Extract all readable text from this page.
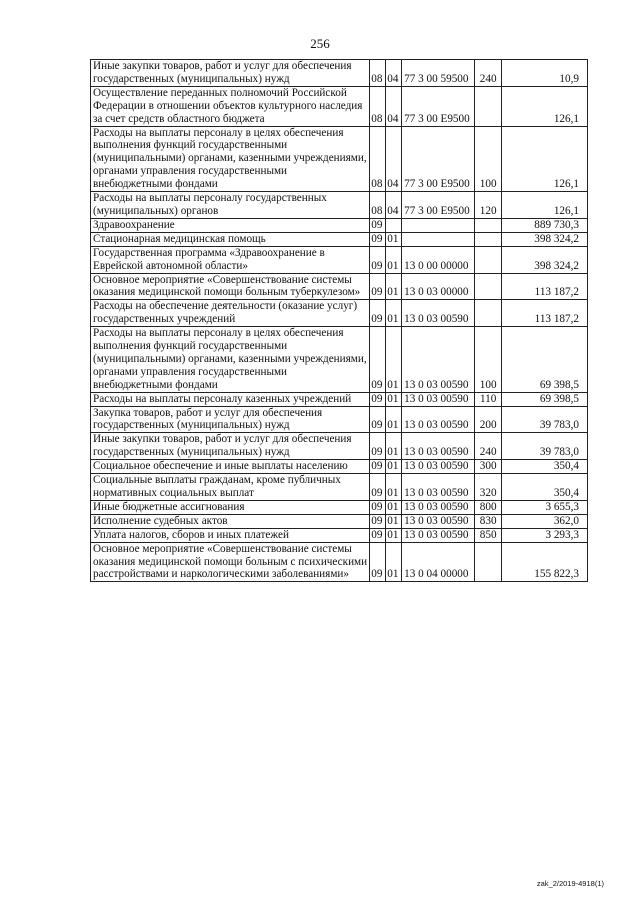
256
Иные закупки товаров, работ и услуг для обеспечения государственных (муниципальных) нужд	08	04	77 3 00 59500	240	10,9
Осуществление переданных полномочий Российской Федерации в отношении объектов культурного наследия за счет средств областного бюджета	08	04	77 3 00 E9500		126,1
Расходы на выплаты персоналу в целях обеспечения выполнения функций государственными (муниципальными) органами, казенными учреждениями, органами управления государственными внебюджетными фондами	08	04	77 3 00 E9500	100	126,1
Расходы на выплаты персоналу государственных (муниципальных) органов	08	04	77 3 00 E9500	120	126,1
Здравоохранение	09				889 730,3
Стационарная медицинская помощь	09	01			398 324,2
Государственная программа «Здравоохранение в Еврейской автономной области»	09	01	13 0 00 00000		398 324,2
Основное мероприятие «Совершенствование системы оказания медицинской помощи больным туберкулезом»	09	01	13 0 03 00000		113 187,2
Расходы на обеспечение деятельности (оказание услуг) государственных учреждений	09	01	13 0 03 00590		113 187,2
Расходы на выплаты персоналу в целях обеспечения выполнения функций государственными (муниципальными) органами, казенными учреждениями, органами управления государственными внебюджетными фондами	09	01	13 0 03 00590	100	69 398,5
Расходы на выплаты персоналу казенных учреждений	09	01	13 0 03 00590	110	69 398,5
Закупка товаров, работ и услуг для обеспечения государственных (муниципальных) нужд	09	01	13 0 03 00590	200	39 783,0
Иные закупки товаров, работ и услуг для обеспечения государственных (муниципальных) нужд	09	01	13 0 03 00590	240	39 783,0
Социальное обеспечение и иные выплаты населению	09	01	13 0 03 00590	300	350,4
Социальные выплаты гражданам, кроме публичных нормативных социальных выплат	09	01	13 0 03 00590	320	350,4
Иные бюджетные ассигнования	09	01	13 0 03 00590	800	3 655,3
Исполнение судебных актов	09	01	13 0 03 00590	830	362,0
Уплата налогов, сборов и иных платежей	09	01	13 0 03 00590	850	3 293,3
Основное мероприятие «Совершенствование системы оказания медицинской помощи больным с психическими расстройствами и наркологическими заболеваниями»	09	01	13 0 04 00000		155 822,3
zak_2/2019-4918(1)
